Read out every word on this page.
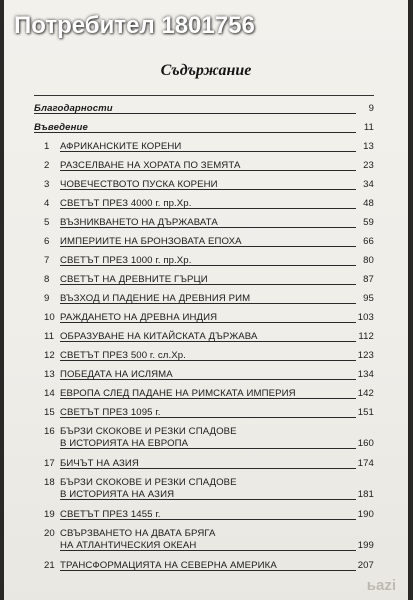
Потребител 1801756
Съдържание
Благодарности	9
Въведение	11
1 АФРИКАНСКИТЕ КОРЕНИ	13
2 РАЗСЕЛВАНЕ НА ХОРАТА ПО ЗЕМЯТА	23
3 ЧОВЕЧЕСТВОТО ПУСКА КОРЕНИ	34
4 СВЕТЪТ ПРЕЗ 4000 г. пр.Хр.	48
5 ВЪЗНИКВАНЕТО НА ДЪРЖАВАТА	59
6 ИМПЕРИИТЕ НА БРОНЗОВАТА ЕПОХА	66
7 СВЕТЪТ ПРЕЗ 1000 г. пр.Хр.	80
8 СВЕТЪТ НА ДРЕВНИТЕ ГЪРЦИ	87
9 ВЪЗХОД И ПАДЕНИЕ НА ДРЕВНИЯ РИМ	95
10 РАЖДАНЕТО НА ДРЕВНА ИНДИЯ	103
11 ОБРАЗУВАНЕ НА КИТАЙСКАТА ДЪРЖАВА	112
12 СВЕТЪТ ПРЕЗ 500 г. сл.Хр.	123
13 ПОБЕДАТА НА ИСЛЯМА	134
14 ЕВРОПА СЛЕД ПАДАНЕ НА РИМСКАТА ИМПЕРИЯ	142
15 СВЕТЪТ ПРЕЗ 1095 г.	151
16 БЪРЗИ СКОКОВЕ И РЕЗКИ СПАДОВЕ
В ИСТОРИЯТА НА ЕВРОПА	160
17 БИЧЪТ НА АЗИЯ	174
18 БЪРЗИ СКОКОВЕ И РЕЗКИ СПАДОВЕ
В ИСТОРИЯТА НА АЗИЯ	181
19 СВЕТЪТ ПРЕЗ 1455 г.	190
20 СВЪРЗВАНЕТО НА ДВАТА БРЯГА
НА АТЛАНТИЧЕСКИЯ ОКЕАН	199
21 ТРАНСФОРМАЦИЯТА НА СЕВЕРНА АМЕРИКА	207
ьazi
